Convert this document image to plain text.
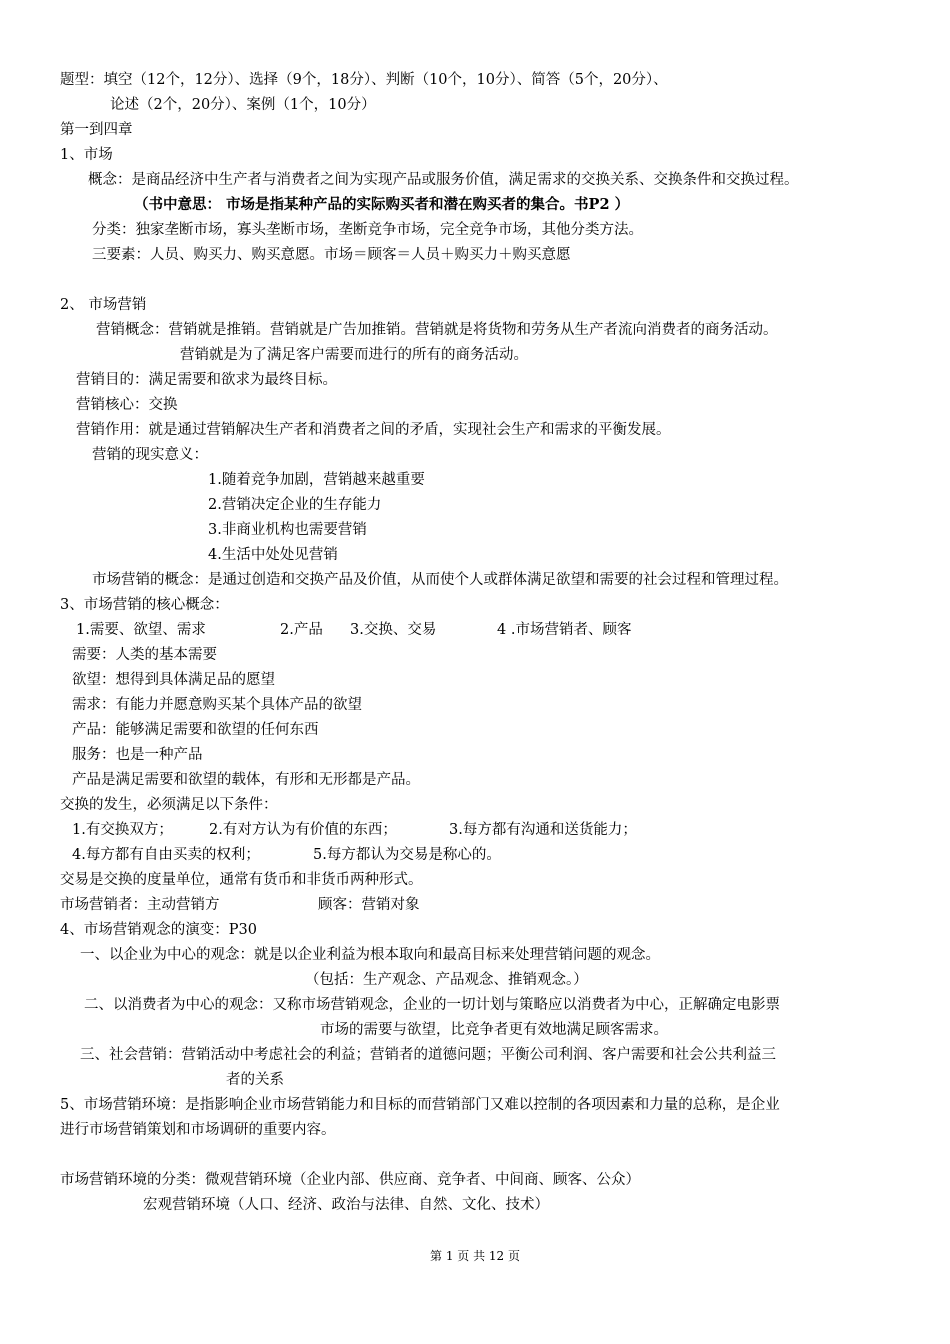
题型：填空（12个，12分）、选择（9个，18分）、判断（10个，10分）、简答（5个，20分）、
论述（2个，20分）、案例（1个，10分）
第一到四章
1、市场
概念：是商品经济中生产者与消费者之间为实现产品或服务价值，满足需求的交换关系、交换条件和交换过程。
（书中意思： 市场是指某种产品的实际购买者和潜在购买者的集合。书P2 ）
分类：独家垄断市场，寡头垄断市场，垄断竞争市场，完全竞争市场，其他分类方法。
三要素：人员、购买力、购买意愿。市场＝顾客＝人员＋购买力＋购买意愿
2、 市场营销
营销概念：营销就是推销。营销就是广告加推销。营销就是将货物和劳务从生产者流向消费者的商务活动。
营销就是为了满足客户需要而进行的所有的商务活动。
营销目的：满足需要和欲求为最终目标。
营销核心：交换
营销作用：就是通过营销解决生产者和消费者之间的矛盾，实现社会生产和需求的平衡发展。
营销的现实意义：
1.随着竞争加剧，营销越来越重要
2.营销决定企业的生存能力
3.非商业机构也需要营销
4.生活中处处见营销
市场营销的概念：是通过创造和交换产品及价值，从而使个人或群体满足欲望和需要的社会过程和管理过程。
3、市场营销的核心概念：
1.需要、欲望、需求	2.产品 3.交换、交易	4 .市场营销者、顾客
需要：人类的基本需要
欲望：想得到具体满足品的愿望
需求：有能力并愿意购买某个具体产品的欲望
产品：能够满足需要和欲望的任何东西
服务：也是一种产品
产品是满足需要和欲望的载体，有形和无形都是产品。
交换的发生，必须满足以下条件：
1.有交换双方； 2.有对方认为有价值的东西；	3.每方都有沟通和送货能力；
4.每方都有自由买卖的权利；	5.每方都认为交易是称心的。
交易是交换的度量单位，通常有货币和非货币两种形式。
市场营销者：主动营销方	顾客：营销对象
4、市场营销观念的演变：P30
一、以企业为中心的观念：就是以企业利益为根本取向和最高目标来处理营销问题的观念。
（包括：生产观念、产品观念、推销观念。）
二、以消费者为中心的观念：又称市场营销观念，企业的一切计划与策略应以消费者为中心，正解确定电影票
市场的需要与欲望，比竞争者更有效地满足顾客需求。
三、社会营销：营销活动中考虑社会的利益；营销者的道德问题；平衡公司利润、客户需要和社会公共利益三
者的关系
5、市场营销环境：是指影响企业市场营销能力和目标的而营销部门又难以控制的各项因素和力量的总称，是企业
进行市场营销策划和市场调研的重要内容。
市场营销环境的分类：微观营销环境（企业内部、供应商、竞争者、中间商、顾客、公众）
宏观营销环境（人口、经济、政治与法律、自然、文化、技术）
第 1 页 共 12 页
